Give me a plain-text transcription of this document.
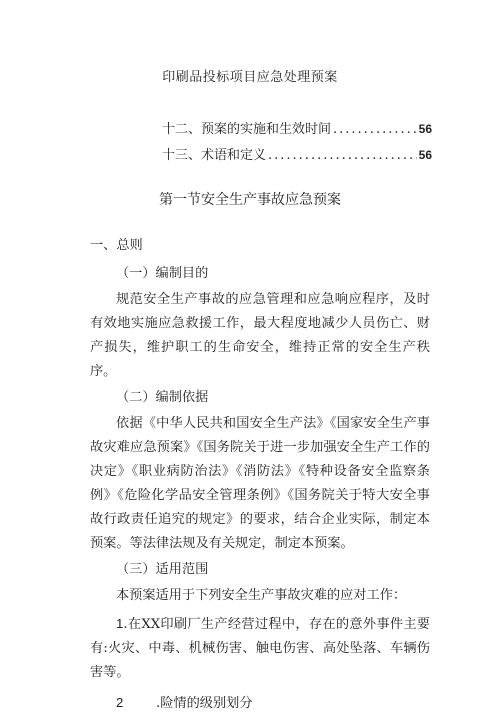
印刷品投标项目应急处理预案
十二、预案的实施和生效时间 .....	56
十三、术语和定义 .....	56
第一节安全生产事故应急预案

一、总则

（一）编制目的

规范安全生产事故的应急管理和应急响应程序，及时有效地实施应急救援工作，最大程度地减少人员伤亡、财产损失，维护职工的生命安全，维持正常的安全生产秩序。

（二）编制依据

依据《中华人民共和国安全生产法》《国家安全生产事故灾难应急预案》《国务院关于进一步加强安全生产工作的决定》《职业病防治法》《消防法》《特种设备安全监察条例》《危险化学品安全管理条例》《国务院关于特大安全事故行政责任追究的规定》的要求，结合企业实际，制定本预案。等法律法规及有关规定，制定本预案。

（三）适用范围

本预案适用于下列安全生产事故灾难的应对工作：

1.在XX印刷厂生产经营过程中，存在的意外事件主要有:火灾、中毒、机械伤害、触电伤害、高处坠落、车辆伤害等。

2 .险情的级别划分
